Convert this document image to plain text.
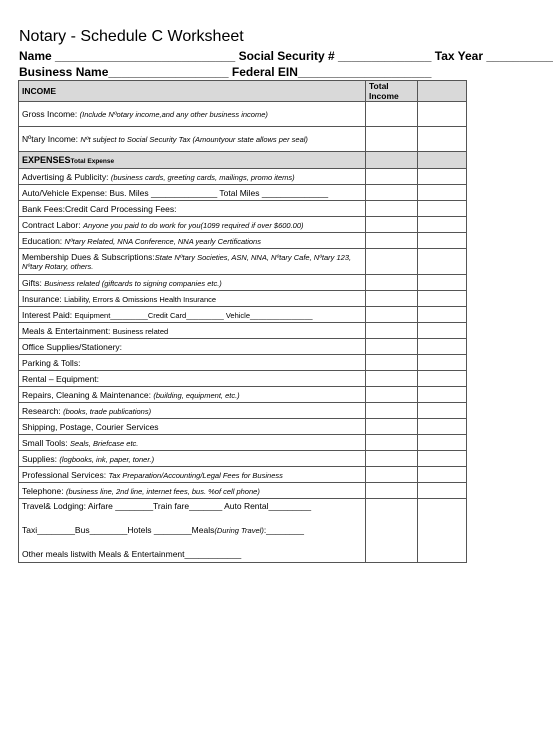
Notary - Schedule C Worksheet
Name ___________________________ Social Security # ______________ Tax Year __________
Business Name__________________ Federal EIN____________________
INCOME	Total Income	
Gross Income: (Include Nºotary income,and any other business income)		
Nºtary Income: Nºt subject to Social Security Tax (Amountyour state allows per seal)		
EXPENSESTotal Expense		
Advertising & Publicity: (business cards, greeting cards, mailings, promo items)		
Auto/Vehicle Expense: Bus. Miles ______________ Total Miles ______________		
Bank Fees:Credit Card Processing Fees:		
Contract Labor: Anyone you paid to do work for you(1099 required if over $600.00)		
Education: Nºtary Related, NNA Conference, NNA yearly Certifications		
Membership Dues & Subscriptions:State Nºtary Societies, ASN, NNA, Nºtary Cafe, Nºtary 123, Nºtary Rotary, others.		
Gifts: Business related (giftcards to signing companies etc.)		
Insurance: Liability, Errors & Omissions Health Insurance		
Interest Paid: Equipment_________Credit Card_________ Vehicle_______________		
Meals & Entertainment: Business related		
Office Supplies/Stationery:		
Parking & Tolls:		
Rental – Equipment:		
Repairs, Cleaning & Maintenance: (building, equipment, etc.)		
Research: (books, trade publications)		
Shipping, Postage, Courier Services		
Small Tools: Seals, Briefcase etc.		
Supplies: (logbooks, ink, paper, toner.)		
Professional Services: Tax Preparation/Accounting/Legal Fees for Business		
Telephone: (business line, 2nd line, internet fees, bus. %of cell phone)		

Travel& Lodging: Airfare ________Train fare_______ Auto Rental_________
Taxi________Bus________Hotels ________Meals(During Travel):________
Other meals listwith Meals & Entertainment____________		
